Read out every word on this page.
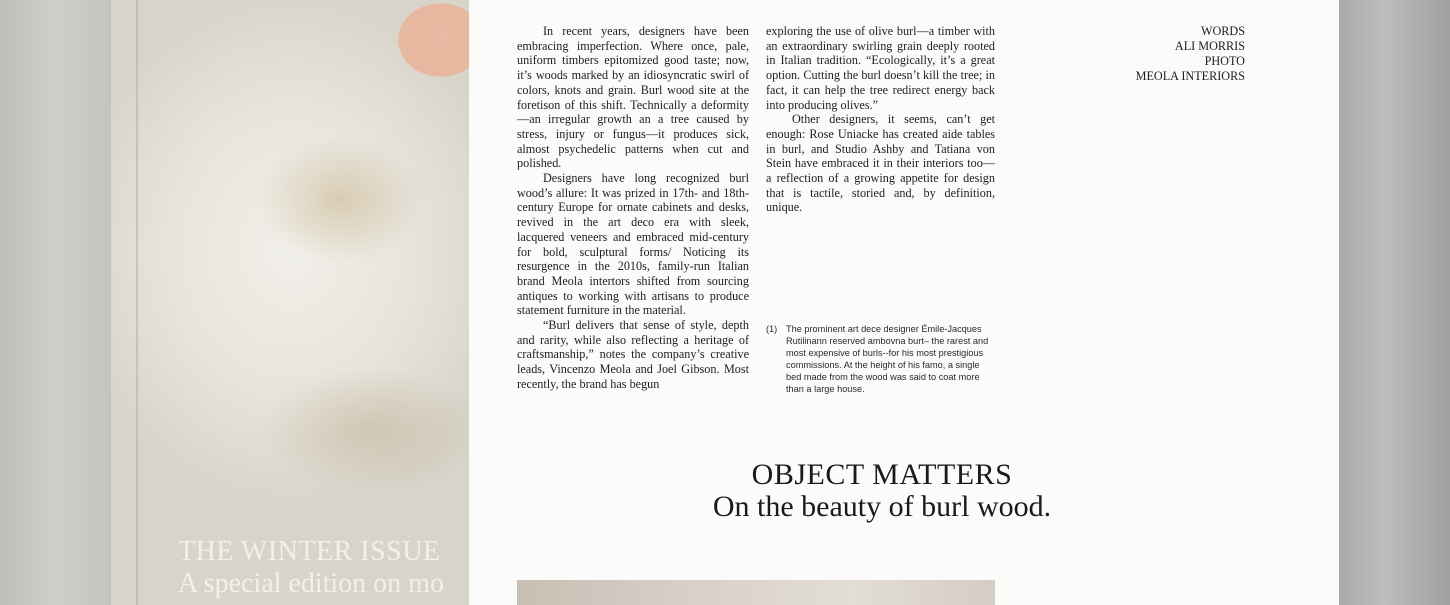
THE WINTER ISSUE
A special edition on mo

In recent years, designers have been embracing imperfection. Where once, pale, uniform timbers epitomized good taste; now, it’s woods marked by an idiosyncratic swirl of colors, knots and grain. Burl wood site at the foretison of this shift. Technically a deformity—an irregular growth an a tree caused by stress, injury or fungus—it produces sick, almost psychedelic patterns when cut and polished.

Designers have long recognized burl wood’s allure: It was prized in 17th- and 18th-century Europe for ornate cabinets and desks, revived in the art deco era with sleek, lacquered veneers and embraced mid-century for bold, sculptural forms/ Noticing its resurgence in the 2010s, family-run Italian brand Meola intertors shifted from sourcing antiques to working with artisans to produce statement furniture in the material.

“Burl delivers that sense of style, depth and rarity, while also reflecting a heritage of craftsmanship,” notes the company’s creative leads, Vincenzo Meola and Joel Gibson. Most recently, the brand has begun

exploring the use of olive burl—a timber with an extraordinary swirling grain deeply rooted in Italian tradition. “Ecologically, it’s a great option. Cutting the burl doesn’t kill the tree; in fact, it can help the tree redirect energy back into producing olives.”

Other designers, it seems, can’t get enough: Rose Uniacke has created aide tables in burl, and Studio Ashby and Tatiana von Stein have embraced it in their interiors too—a reflection of a growing appetite for design that is tactile, storied and, by definition, unique.

WORDS
ALI MORRIS
PHOTO
MEOLA INTERIORS
(1) The prominent art dece designer Émile-Jacques Rutilinann reserved ambovna burt– the rarest and most expensive of burls--for his most prestigious commissions. At the height of his famo, a single bed made from the wood was said to coat more than a large house.
OBJECT MATTERS
On the beauty of burl wood.
